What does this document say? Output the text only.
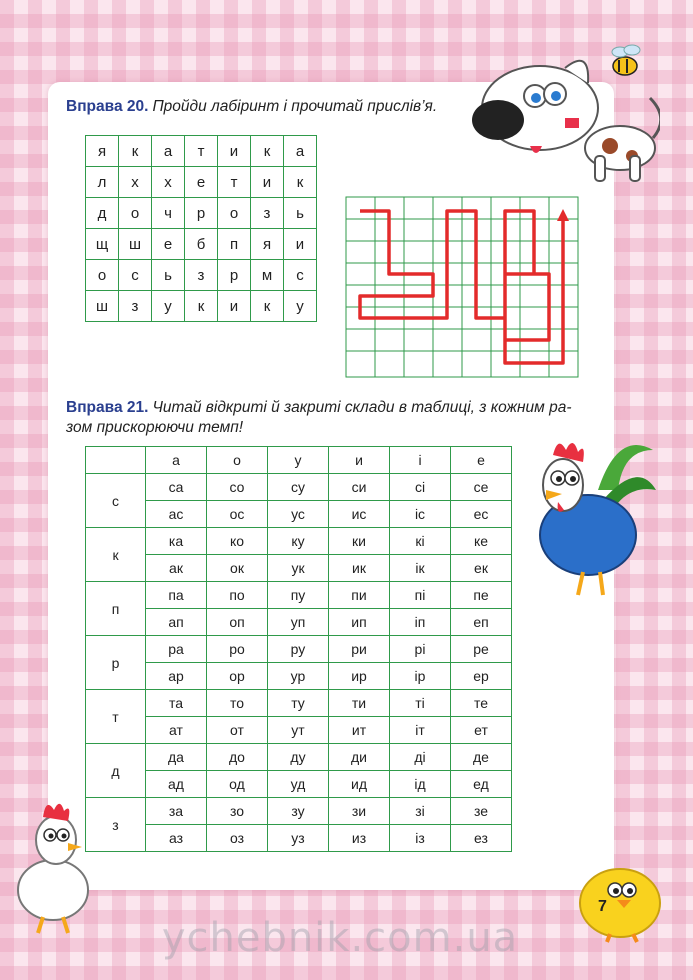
Вправа 20. Пройди лабіринт і прочитай прислів’я.
я	к	а	т	и	к	а
л	х	х	е	т	и	к
д	о	ч	р	о	з	ь
щ	ш	е	б	п	я	и
о	с	ь	з	р	м	с
ш	з	у	к	и	к	у
Вправа 21. Читай відкриті й закриті склади в таблиці, з кожним ра-
зом прискорюючи темп!
	а	о	у	и	і	е
с	са	со	су	си	сі	се
	ас	ос	ус	ис	іс	ес
к	ка	ко	ку	ки	кі	ке
	ак	ок	ук	ик	ік	ек
п	па	по	пу	пи	пі	пе
	ап	оп	уп	ип	іп	еп
р	ра	ро	ру	ри	рі	ре
	ар	ор	ур	ир	ір	ер
т	та	то	ту	ти	ті	те
	ат	от	ут	ит	іт	ет
д	да	до	ду	ди	ді	де
	ад	од	уд	ид	ід	ед
з	за	зо	зу	зи	зі	зе
	аз	оз	уз	из	із	ез
7
ychebnik.com.ua
